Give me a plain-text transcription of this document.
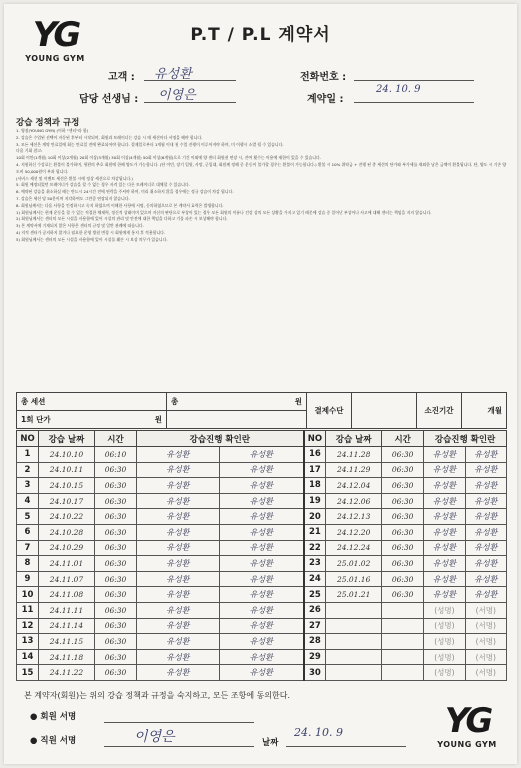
YG
YOUNG GYM
P.T / P.L 계약서
고객 : 유성환
담당 선생님 : 이영은
전화번호 :
계약일 :
24. 10. 9
강습 정책과 규정

1. 영짐(YOUNG GYM) (이하 "센터"라 함)

2. 강습은 수업된 선택이 자동된 후부터 시작되며, 회원과 트레이너는 강습 시 매 세션마다 서명을 해야 합니다.

3. 모든 세션은 계약 만료일에 회는 만료일 전에 완료되어야 합니다. 결제일로부터 1개월 이내 첫 수업 진행이 이루어져야 하며, 미 이행시 소멸 될 수 있습니다.

다음 기회 참고:

10회 이만(1개월) 10회 이상(2개월) 20회 이상(3개월) 30회 이상(4개월) 50회 이상(6개월)으로 기간 이외에 양 센터 회원권 연장 시, 잔여 횟수는 이용에 제한이 있을 수 있습니다.

4. 지원하신 수강료는 환불이 불가하며, 형편의 추호 회원에 한해 양도가 가능합니다. (단 이민, 장기 입원, 사망, 군입대, 회원께 정해 중 운동이 불가할 경우는 환불이 가능합니다.) 환불 시 10% 위약금 + 진행 된 총 세션의 단가와 부가세를 제외한 남은 금액이 환불됩니다. 단, 양도 시 기존 양도비 50,000원이 부과 됩니다.

(서비스 세션 및 이벤트 세션은 환불 시에 정상 세션으로 차감됩니다.)

5. 회원 예정되었던 트레이너가 강습을 할 수 없는 경우 자격 있는 다른 트레이너로 대체할 수 있습니다.

6. 예약된 강습을 취소하실 때는 반드시 24시간 전에 연락을 주셔야 하며, 미리 취소하지 않을 경우에는 정규 강습이 차감 됩니다.

7. 강습은 세션 당 50분이며 지각하여도 그만큼 연장되지 않습니다.

8. 회원님께서는 다음 사항을 인정하시고 숙지 하였으며 이해한 사항에 서명, 동의하였으므로 본 계약서 효력은 발생합니다.

1) 회원님께서는 현재 운동을 할 수 있는 적절한 체제력, 정신적 상태이며 있으며 자신의 판단으로 부상이 있는 경우 모든 회원의 이유나 건강 상의 모든 상황을 가지고 있기 때문에 강습 중 일어난 부상이나 사고에 대해 센터는 책임을 지지 않습니다.

2) 회원님께서는 센터의 모든 시설을 사용함에 있어 시설의 관리 및 안전에 대한 책임을 다하고 기물 파손 시 보상해야 합니다.

3) 본 계약서에 기재되지 않은 사항은 센터의 규정 및 일반 관례에 따릅니다.

4) 지적 센터가 공지하지 않거나 필요한 운영 방침 변경 시 회원에게 통지 후 적용합니다.

5) 회원님께서는 센터의 모든 시설을 사용함에 있어 시설물 훼손 시 보상 의무가 있습니다.

총 세션	총 원	결제수단		소진기간	개월
1회 단가 원					

NO	강습 날짜	시간	강습진행 확인란		NO	강습 날짜	시간	강습진행 확인란	
1	24.10.10	06:10	유성환	유성환	16	24.11.28	06:30	유성환	유성환
2	24.10.11	06:30	유성환	유성환	17	24.11.29	06:30	유성환	유성환
3	24.10.15	06:30	유성환	유성환	18	24.12.04	06:30	유성환	유성환
4	24.10.17	06:30	유성환	유성환	19	24.12.06	06:30	유성환	유성환
5	24.10.22	06:30	유성환	유성환	20	24.12.13	06:30	유성환	유성환
6	24.10.28	06:30	유성환	유성환	21	24.12.20	06:30	유성환	유성환
7	24.10.29	06:30	유성환	유성환	22	24.12.24	06:30	유성환	유성환
8	24.11.01	06:30	유성환	유성환	23	25.01.02	06:30	유성환	유성환
9	24.11.07	06:30	유성환	유성환	24	25.01.16	06:30	유성환	유성환
10	24.11.08	06:30	유성환	유성환	25	25.01.21	06:30	유성환	유성환
11	24.11.11	06:30	유성환	유성환	26			(성명)	(서명)
12	24.11.14	06:30	유성환	유성환	27			(성명)	(서명)
13	24.11.15	06:30	유성환	유성환	28			(성명)	(서명)
14	24.11.18	06:30	유성환	유성환	29			(성명)	(서명)
15	24.11.22	06:30	유성환	유성환	30			(성명)	(서명)
본 계약자(회원)는 위의 강습 정책과 규정을 숙지하고, 모든 조항에 동의한다.
● 회원 서명
● 직원 서명	이영은	날짜
24. 10. 9	YG
YOUNG GYM
